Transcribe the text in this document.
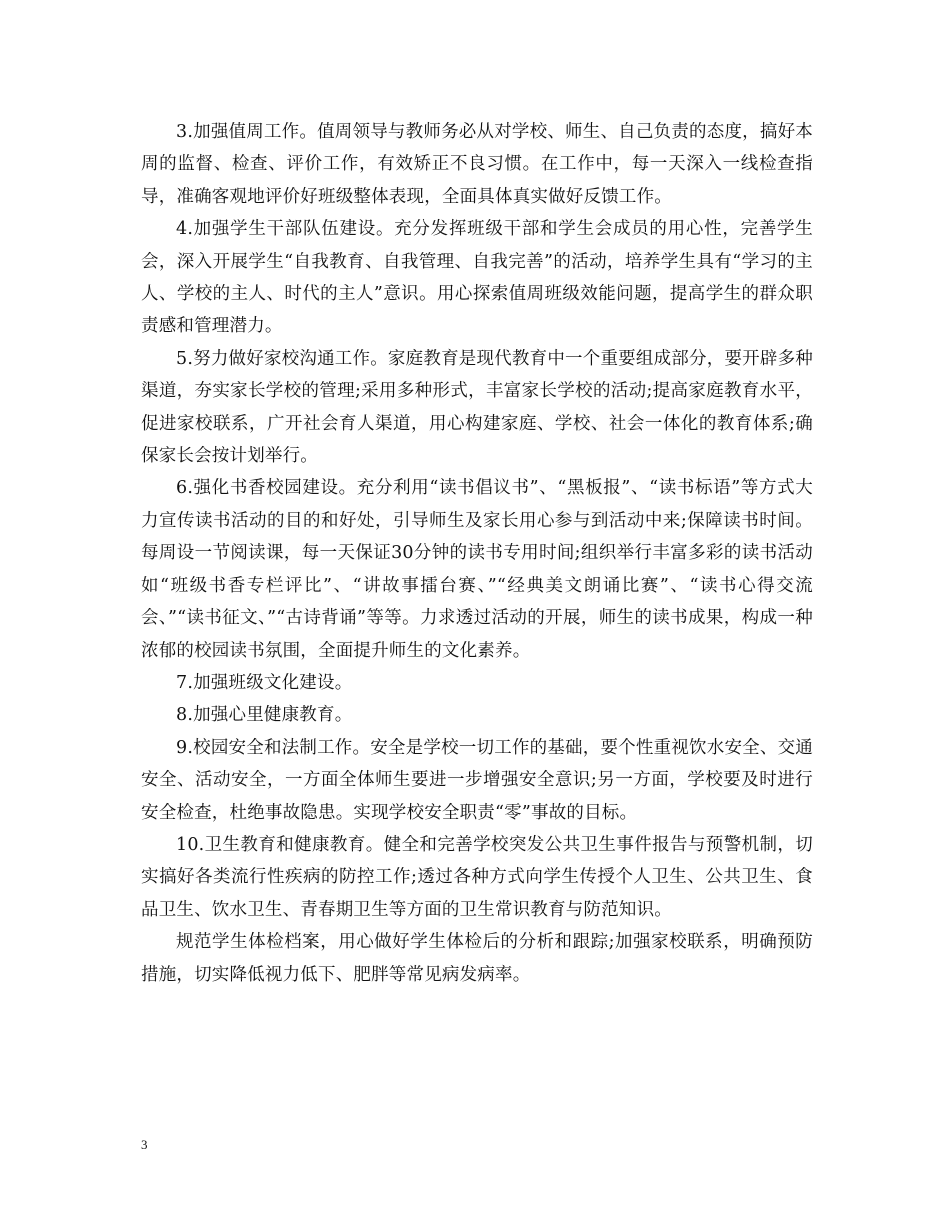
3.加强值周工作。值周领导与教师务必从对学校、师生、自己负责的态度，搞好本周的监督、检查、评价工作，有效矫正不良习惯。在工作中，每一天深入一线检查指导，准确客观地评价好班级整体表现，全面具体真实做好反馈工作。

4.加强学生干部队伍建设。充分发挥班级干部和学生会成员的用心性，完善学生会，深入开展学生“自我教育、自我管理、自我完善”的活动，培养学生具有“学习的主人、学校的主人、时代的主人”意识。用心探索值周班级效能问题，提高学生的群众职责感和管理潜力。

5.努力做好家校沟通工作。家庭教育是现代教育中一个重要组成部分，要开辟多种渠道，夯实家长学校的管理;采用多种形式，丰富家长学校的活动;提高家庭教育水平，促进家校联系，广开社会育人渠道，用心构建家庭、学校、社会一体化的教育体系;确保家长会按计划举行。

6.强化书香校园建设。充分利用“读书倡议书”、“黑板报”、“读书标语”等方式大力宣传读书活动的目的和好处，引导师生及家长用心参与到活动中来;保障读书时间。每周设一节阅读课，每一天保证30分钟的读书专用时间;组织举行丰富多彩的读书活动如“班级书香专栏评比”、“讲故事擂台赛、”“经典美文朗诵比赛”、“读书心得交流会、”“读书征文、”“古诗背诵”等等。力求透过活动的开展，师生的读书成果，构成一种浓郁的校园读书氛围，全面提升师生的文化素养。

7.加强班级文化建设。

8.加强心里健康教育。

9.校园安全和法制工作。安全是学校一切工作的基础，要个性重视饮水安全、交通安全、活动安全，一方面全体师生要进一步增强安全意识;另一方面，学校要及时进行安全检查，杜绝事故隐患。实现学校安全职责“零”事故的目标。

10.卫生教育和健康教育。健全和完善学校突发公共卫生事件报告与预警机制，切实搞好各类流行性疾病的防控工作;透过各种方式向学生传授个人卫生、公共卫生、食品卫生、饮水卫生、青春期卫生等方面的卫生常识教育与防范知识。

规范学生体检档案，用心做好学生体检后的分析和跟踪;加强家校联系，明确预防措施，切实降低视力低下、肥胖等常见病发病率。

3
